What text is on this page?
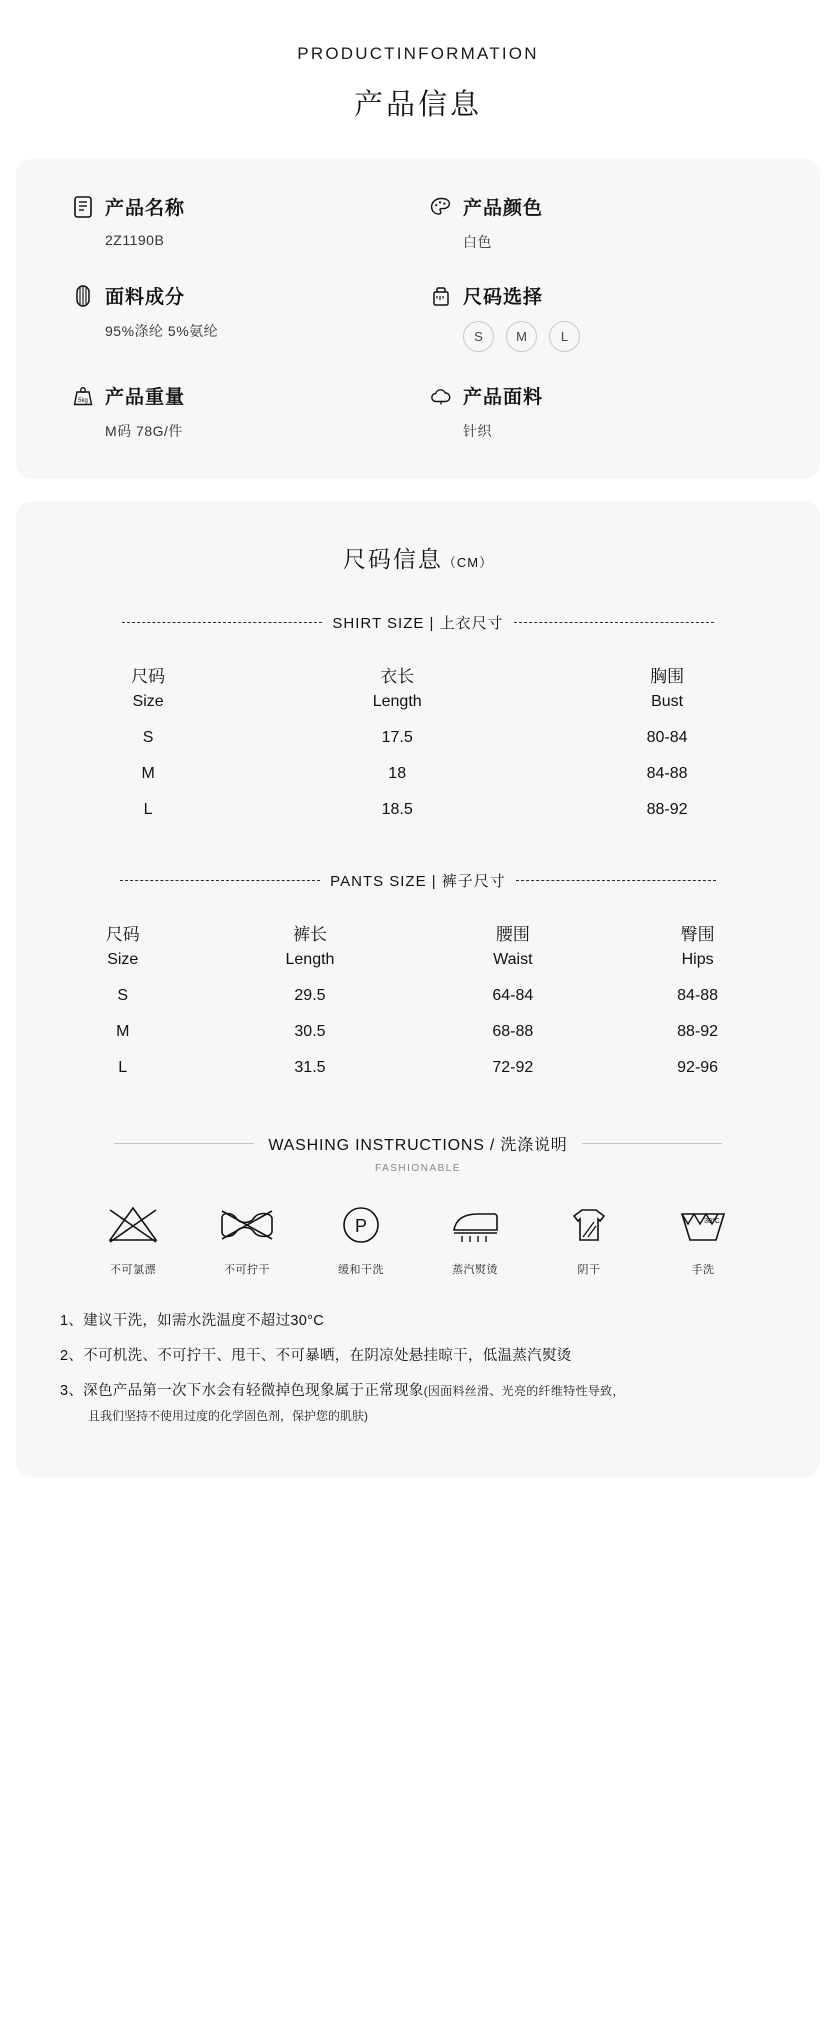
PRODUCTINFORMATION
产品信息
产品名称
2Z1190B
产品颜色
白色
面料成分
95%涤纶 5%氨纶
尺码选择
S	M	L
5kg 产品重量
M码 78G/件
产品面料
针织
尺码信息（CM）
SHIRT SIZE | 上衣尺寸
尺码	衣长	胸围
Size	Length	Bust
S	17.5	80-84
M	18	84-88
L	18.5	88-92
PANTS SIZE | 裤子尺寸
尺码	裤长	腰围	臀围
Size	Length	Waist	Hips
S	29.5	64-84	84-88
M	30.5	68-88	88-92
L	31.5	72-92	92-96
WASHING INSTRUCTIONS / 洗涤说明
FASHIONABLE
不可氯漂	不可拧干
P
缓和干洗	蒸汽熨烫	阴干
30°C
手洗
1、建议干洗，如需水洗温度不超过30°C
2、不可机洗、不可拧干、甩干、不可暴晒，在阴凉处悬挂晾干，低温蒸汽熨烫
3、深色产品第一次下水会有轻微掉色现象属于正常现象(因面料丝滑、光亮的纤维特性导致，
且我们坚持不使用过度的化学固色剂，保护您的肌肤)
